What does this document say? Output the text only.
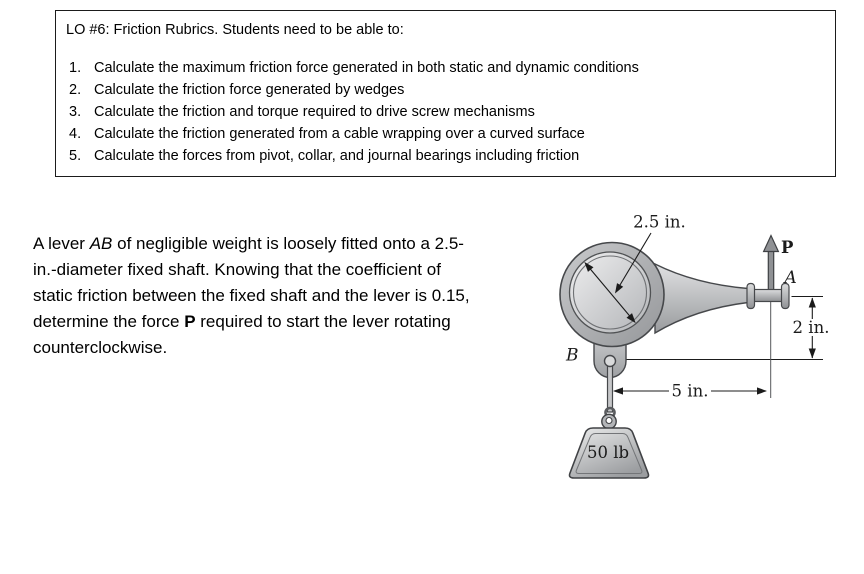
LO #6: Friction Rubrics. Students need to be able to:
1. Calculate the maximum friction force generated in both static and dynamic conditions
2. Calculate the friction force generated by wedges
3. Calculate the friction and torque required to drive screw mechanisms
4. Calculate the friction generated from a cable wrapping over a curved surface
5. Calculate the forces from pivot, collar, and journal bearings including friction
A lever AB of negligible weight is loosely fitted onto a 2.5-
in.-diameter fixed shaft. Knowing that the coefficient of
static friction between the fixed shaft and the lever is 0.15,
determine the force P required to start the lever rotating
counterclockwise.
50 lb
2.5 in.
2 in.
5 in.
P
A
B
